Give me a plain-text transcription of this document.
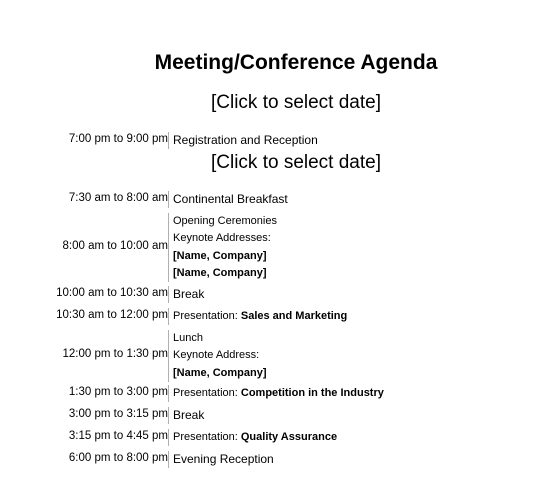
Meeting/Conference Agenda
[Click to select date]
7:00 pm to 9:00 pm Registration and Reception
[Click to select date]
7:30 am to 8:00 am Continental Breakfast
8:00 am to 10:00 am
Opening Ceremonies
Keynote Addresses:
[Name, Company]
[Name, Company]
10:00 am to 10:30 am Break
10:30 am to 12:00 pm Presentation: Sales and Marketing
12:00 pm to 1:30 pm
Lunch
Keynote Address:
[Name, Company]
1:30 pm to 3:00 pm Presentation: Competition in the Industry
3:00 pm to 3:15 pm Break
3:15 pm to 4:45 pm Presentation: Quality Assurance
6:00 pm to 8:00 pm Evening Reception
